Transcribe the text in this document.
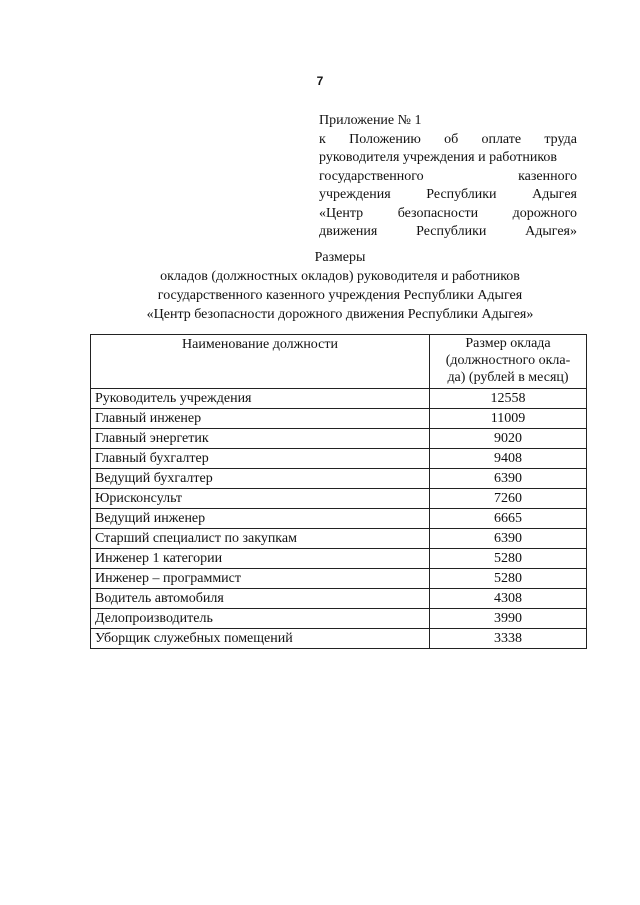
7
Приложение № 1
к Положению об оплате труда
руководителя учреждения и работников
государственного	казенного
учреждения	Республики	Адыгея
«Центр безопасности дорожного
движения	Республики	Адыгея»
Размеры
окладов (должностных окладов) руководителя и работников
государственного казенного учреждения Республики Адыгея
«Центр безопасности дорожного движения Республики Адыгея»
Наименование должности	Размер оклада
(должностного окла-
да) (рублей в месяц)

Руководитель учреждения	12558
Главный инженер	11009
Главный энергетик	9020
Главный бухгалтер	9408
Ведущий бухгалтер	6390
Юрисконсульт	7260
Ведущий инженер	6665
Старший специалист по закупкам	6390
Инженер 1 категории	5280
Инженер – программист	5280
Водитель автомобиля	4308
Делопроизводитель	3990
Уборщик служебных помещений	3338
